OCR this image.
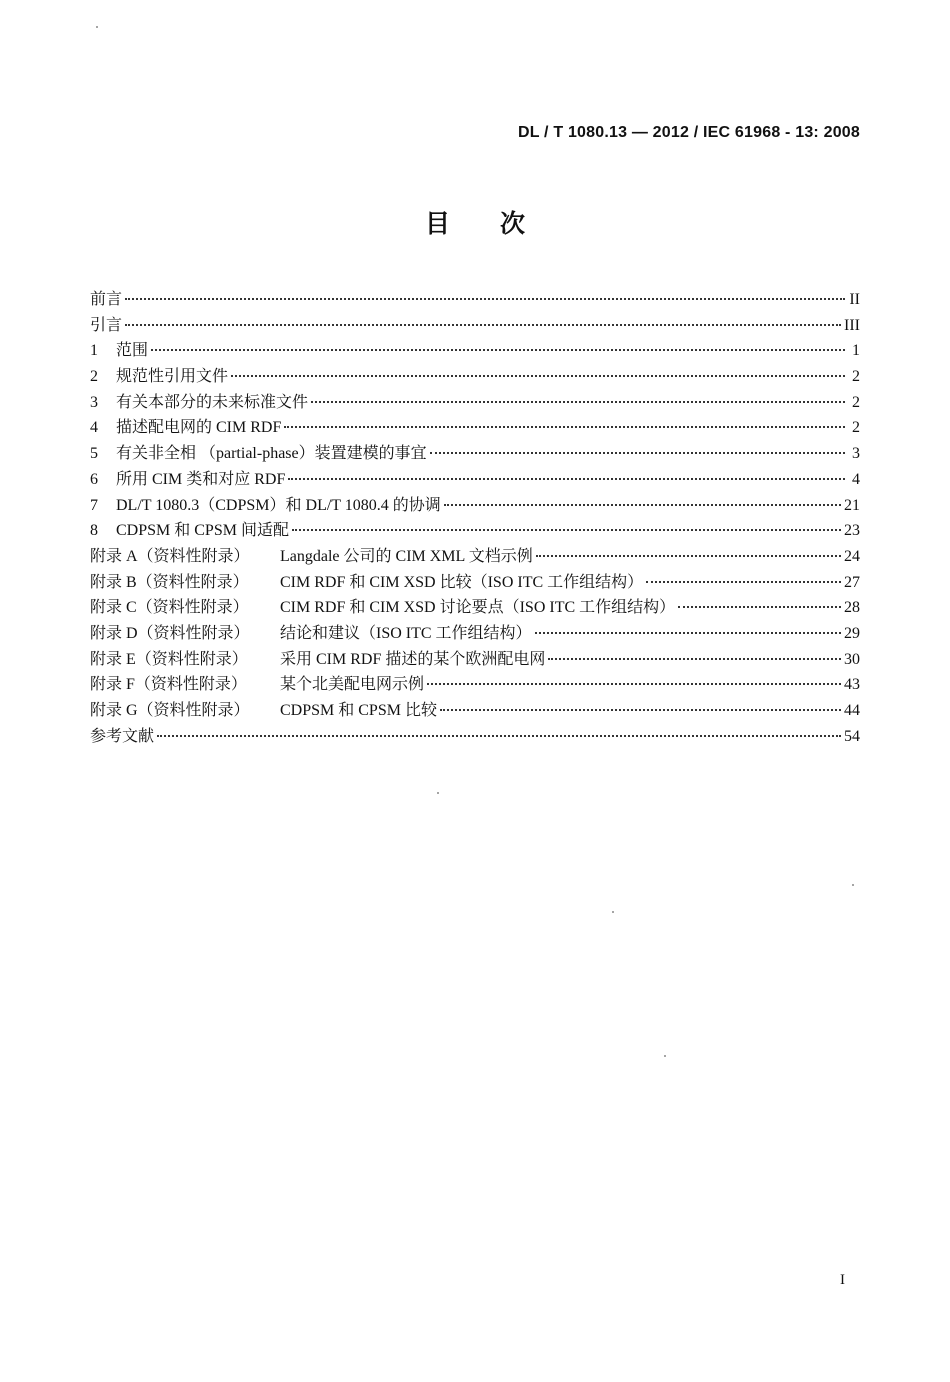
DL / T 1080.13 — 2012 / IEC 61968 - 13: 2008
目次
前言	II
引言	III
1	范围	1
2	规范性引用文件	2
3	有关本部分的未来标准文件	2
4	描述配电网的 CIM RDF	2
5	有关非全相 （partial-phase）装置建模的事宜	3
6	所用 CIM 类和对应 RDF	4
7	DL/T 1080.3（CDPSM）和 DL/T 1080.4 的协调	21
8	CDPSM 和 CPSM 间适配	23
附录 A（资料性附录）	Langdale 公司的 CIM XML 文档示例	24
附录 B（资料性附录）	CIM RDF 和 CIM XSD 比较（ISO ITC 工作组结构）	27
附录 C（资料性附录）	CIM RDF 和 CIM XSD 讨论要点（ISO ITC 工作组结构）	28
附录 D（资料性附录）	结论和建议（ISO ITC 工作组结构）	29
附录 E（资料性附录）	采用 CIM RDF 描述的某个欧洲配电网	30
附录 F（资料性附录）	某个北美配电网示例	43
附录 G（资料性附录）	CDPSM 和 CPSM 比较	44
参考文献	54
I
